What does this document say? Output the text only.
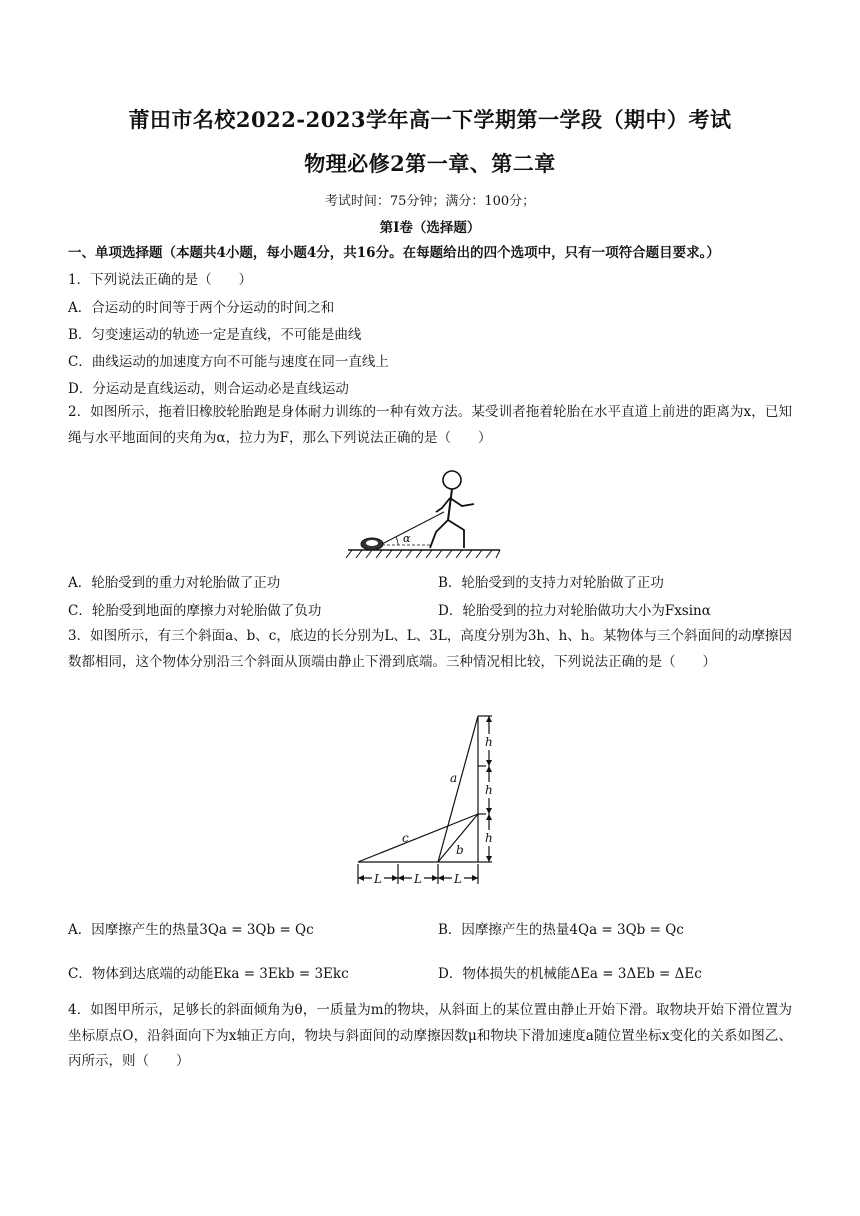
莆田市名校2022-2023学年高一下学期第一学段（期中）考试
物理必修2第一章、第二章
考试时间：75分钟；满分：100分；
第Ⅰ卷（选择题）
一、单项选择题（本题共4小题，每小题4分，共16分。在每题给出的四个选项中，只有一项符合题目要求。）
1．下列说法正确的是（　　）
A．合运动的时间等于两个分运动的时间之和
B．匀变速运动的轨迹一定是直线，不可能是曲线
C．曲线运动的加速度方向不可能与速度在同一直线上
D．分运动是直线运动，则合运动必是直线运动
2．如图所示，拖着旧橡胶轮胎跑是身体耐力训练的一种有效方法。某受训者拖着轮胎在水平直道上前进的距离为x，已知绳与水平地面间的夹角为α，拉力为F，那么下列说法正确的是（　　）
α
A．轮胎受到的重力对轮胎做了正功	B．轮胎受到的支持力对轮胎做了正功
C．轮胎受到地面的摩擦力对轮胎做了负功	D．轮胎受到的拉力对轮胎做功大小为Fxsinα
3．如图所示，有三个斜面a、b、c，底边的长分别为L、L、3L，高度分别为3h、h、h。某物体与三个斜面间的动摩擦因数都相同，这个物体分别沿三个斜面从顶端由静止下滑到底端。三种情况相比较，下列说法正确的是（　　）
h
h
h
L	L	L
a
c
b
A．因摩擦产生的热量3Qa = 3Qb = Qc	B．因摩擦产生的热量4Qa = 3Qb = Qc
C．物体到达底端的动能Eka = 3Ekb = 3Ekc	D．物体损失的机械能ΔEa = 3ΔEb = ΔEc
4．如图甲所示，足够长的斜面倾角为θ，一质量为m的物块，从斜面上的某位置由静止开始下滑。取物块开始下滑位置为坐标原点O，沿斜面向下为x轴正方向，物块与斜面间的动摩擦因数μ和物块下滑加速度a随位置坐标x变化的关系如图乙、丙所示，则（　　）
